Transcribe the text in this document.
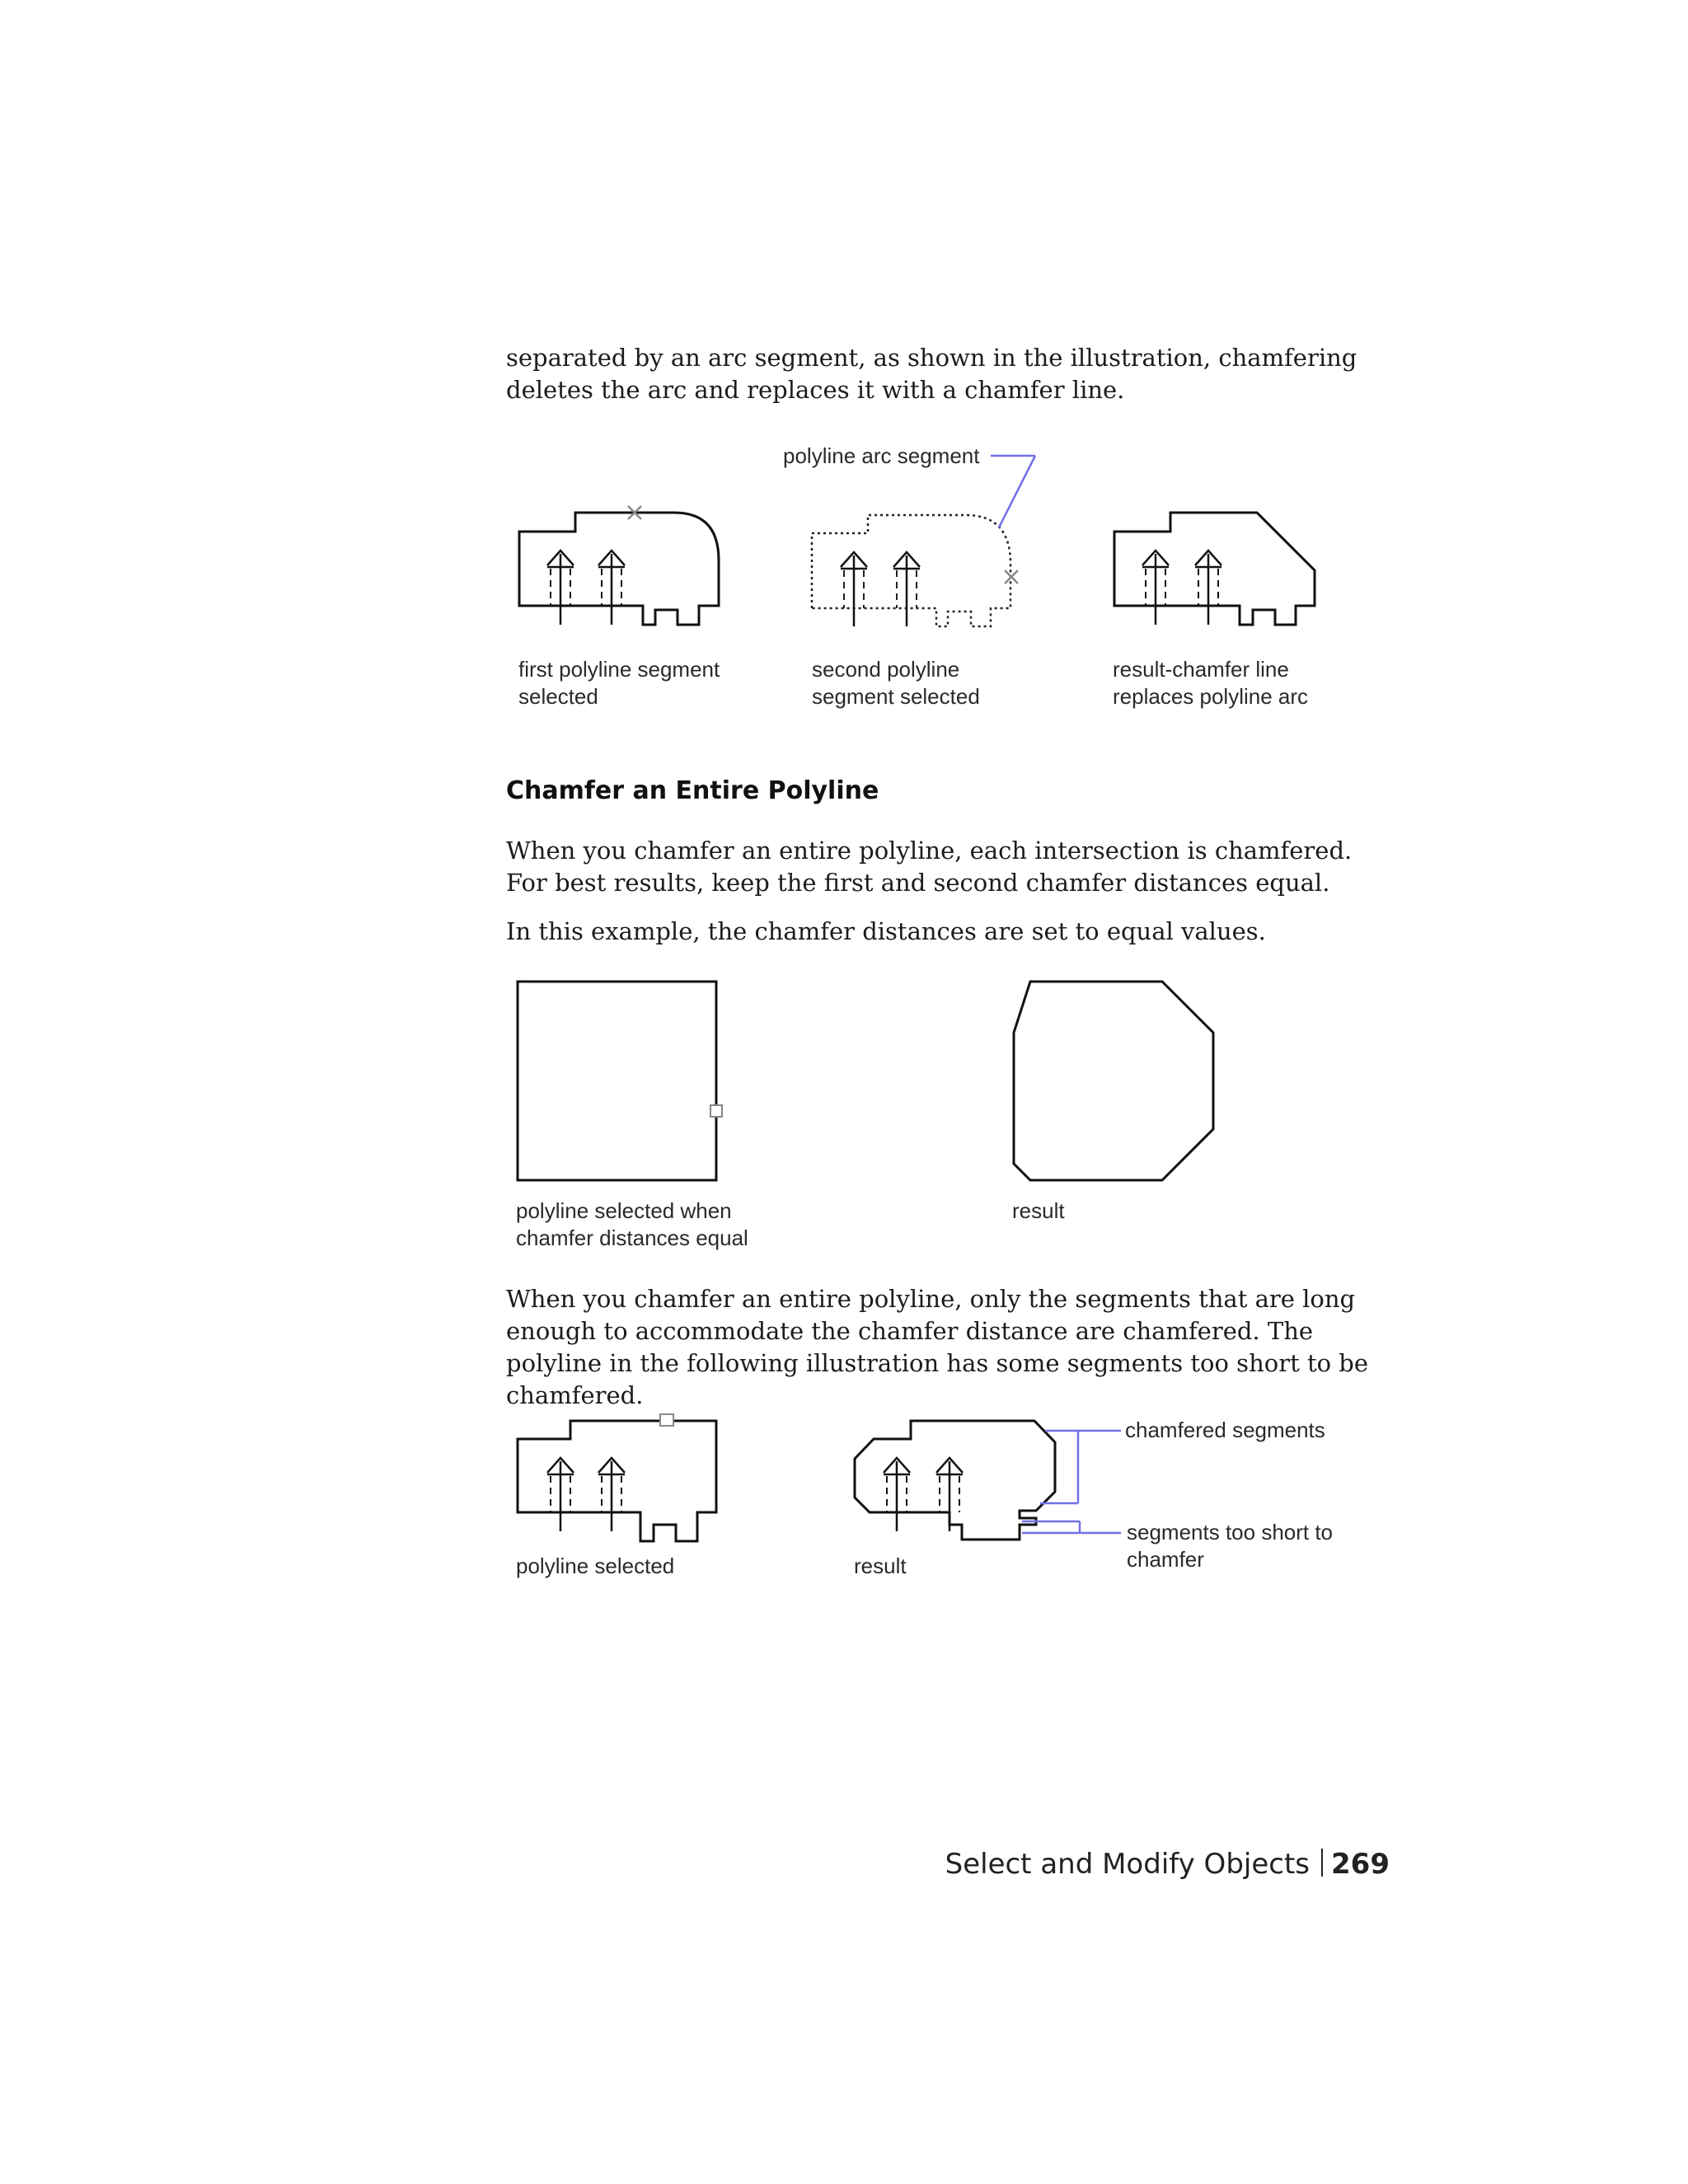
separated by an arc segment, as shown in the illustration, chamfering deletes the arc and replaces it with a chamfer line.

polyline arc segment

first polyline segment

selected

second polyline

segment selected

result-chamfer line

replaces polyline arc

Chamfer an Entire Polyline

When you chamfer an entire polyline, each intersection is chamfered. For best results, keep the first and second chamfer distances equal.

In this example, the chamfer distances are set to equal values.

polyline selected when

chamfer distances equal

result

When you chamfer an entire polyline, only the segments that are long enough to accommodate the chamfer distance are chamfered. The polyline in the following illustration has some segments too short to be chamfered.

polyline selected	result

chamfered segments

segments too short to

chamfer

Select and Modify Objects 269
